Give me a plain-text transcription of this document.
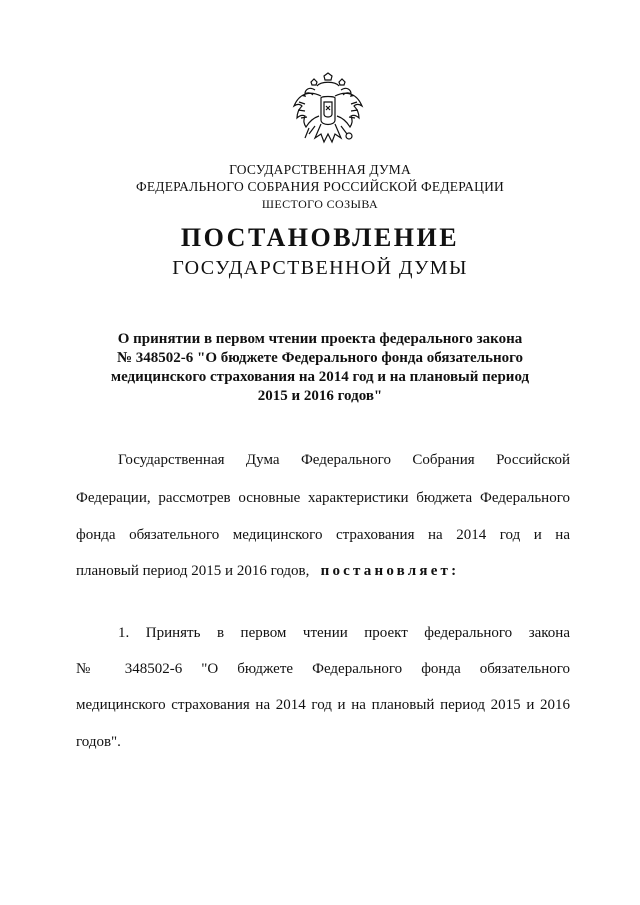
ГОСУДАРСТВЕННАЯ ДУМА
ФЕДЕРАЛЬНОГО СОБРАНИЯ РОССИЙСКОЙ ФЕДЕРАЦИИ
ШЕСТОГО СОЗЫВА
ПОСТАНОВЛЕНИЕ
ГОСУДАРСТВЕННОЙ ДУМЫ
О принятии в первом чтении проекта федерального закона
№ 348502-6 "О бюджете Федерального фонда обязательного
медицинского страхования на 2014 год и на плановый период
2015 и 2016 годов"
Государственная Дума Федерального Собрания Российской
Федерации, рассмотрев основные характеристики бюджета Федерального
фонда обязательного медицинского страхования на 2014 год и на
плановый период 2015 и 2016 годов, постановляет:
1. Принять в первом чтении проект федерального закона
№ 348502-6 "О бюджете Федерального фонда обязательного
медицинского страхования на 2014 год и на плановый период 2015 и 2016
годов".
